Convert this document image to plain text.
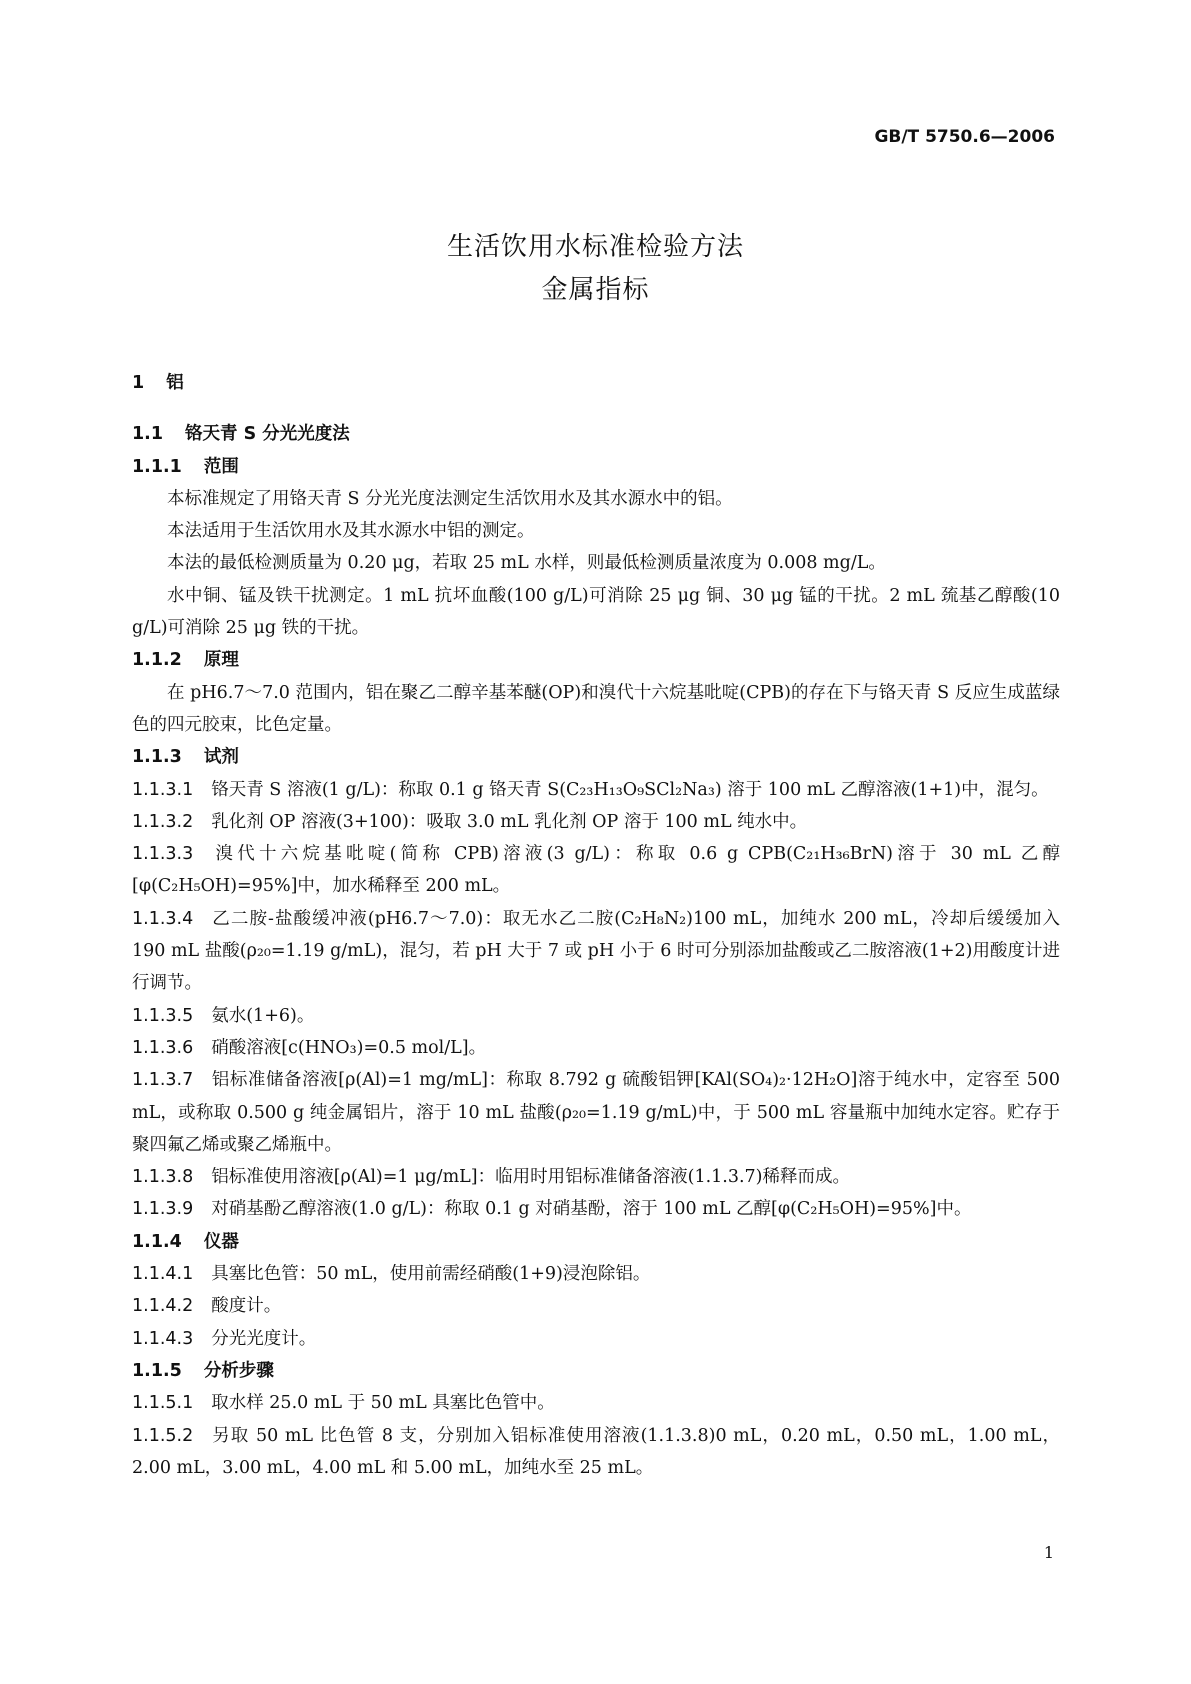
GB/T 5750.6—2006
生活饮用水标准检验方法
金属指标

1 铝

1.1 铬天青 S 分光光度法

1.1.1 范围

本标准规定了用铬天青 S 分光光度法测定生活饮用水及其水源水中的铝。

本法适用于生活饮用水及其水源水中铝的测定。

本法的最低检测质量为 0.20 μg，若取 25 mL 水样，则最低检测质量浓度为 0.008 mg/L。

水中铜、锰及铁干扰测定。1 mL 抗坏血酸(100 g/L)可消除 25 μg 铜、30 μg 锰的干扰。2 mL 巯基乙醇酸(10 g/L)可消除 25 μg 铁的干扰。

1.1.2 原理

在 pH6.7～7.0 范围内，铝在聚乙二醇辛基苯醚(OP)和溴代十六烷基吡啶(CPB)的存在下与铬天青 S 反应生成蓝绿色的四元胶束，比色定量。

1.1.3 试剂

1.1.3.1 铬天青 S 溶液(1 g/L)：称取 0.1 g 铬天青 S(C₂₃H₁₃O₉SCl₂Na₃) 溶于 100 mL 乙醇溶液(1+1)中，混匀。

1.1.3.2 乳化剂 OP 溶液(3+100)：吸取 3.0 mL 乳化剂 OP 溶于 100 mL 纯水中。

1.1.3.3 溴代十六烷基吡啶(简称 CPB)溶液(3 g/L)：称取 0.6 g CPB(C₂₁H₃₆BrN)溶于 30 mL 乙醇[φ(C₂H₅OH)=95%]中，加水稀释至 200 mL。

1.1.3.4 乙二胺-盐酸缓冲液(pH6.7～7.0)：取无水乙二胺(C₂H₈N₂)100 mL，加纯水 200 mL，冷却后缓缓加入 190 mL 盐酸(ρ₂₀=1.19 g/mL)，混匀，若 pH 大于 7 或 pH 小于 6 时可分别添加盐酸或乙二胺溶液(1+2)用酸度计进行调节。

1.1.3.5 氨水(1+6)。

1.1.3.6 硝酸溶液[c(HNO₃)=0.5 mol/L]。

1.1.3.7 铝标准储备溶液[ρ(Al)=1 mg/mL]：称取 8.792 g 硫酸铝钾[KAl(SO₄)₂·12H₂O]溶于纯水中，定容至 500 mL，或称取 0.500 g 纯金属铝片，溶于 10 mL 盐酸(ρ₂₀=1.19 g/mL)中，于 500 mL 容量瓶中加纯水定容。贮存于聚四氟乙烯或聚乙烯瓶中。

1.1.3.8 铝标准使用溶液[ρ(Al)=1 μg/mL]：临用时用铝标准储备溶液(1.1.3.7)稀释而成。

1.1.3.9 对硝基酚乙醇溶液(1.0 g/L)：称取 0.1 g 对硝基酚，溶于 100 mL 乙醇[φ(C₂H₅OH)=95%]中。

1.1.4 仪器

1.1.4.1 具塞比色管：50 mL，使用前需经硝酸(1+9)浸泡除铝。

1.1.4.2 酸度计。

1.1.4.3 分光光度计。

1.1.5 分析步骤

1.1.5.1 取水样 25.0 mL 于 50 mL 具塞比色管中。

1.1.5.2 另取 50 mL 比色管 8 支，分别加入铝标准使用溶液(1.1.3.8)0 mL，0.20 mL，0.50 mL，1.00 mL，2.00 mL，3.00 mL，4.00 mL 和 5.00 mL，加纯水至 25 mL。

1
